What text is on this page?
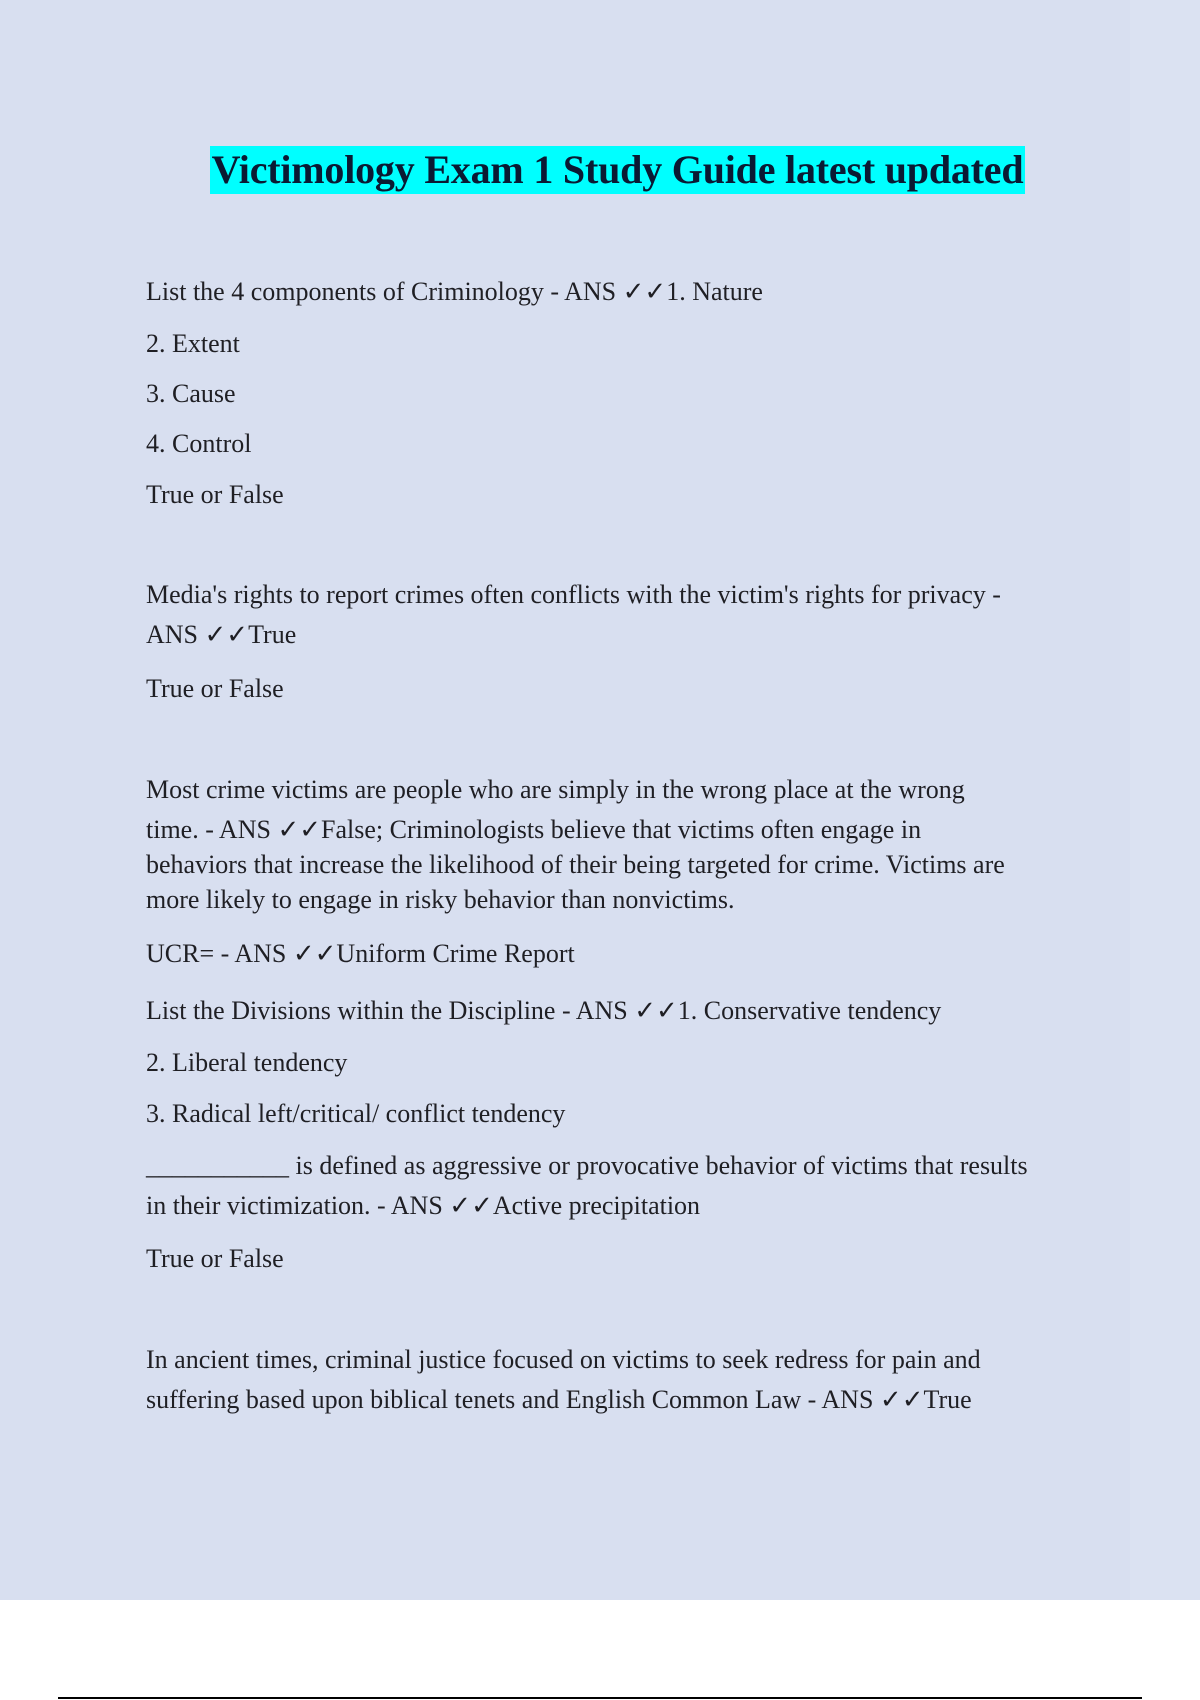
Victimology Exam 1 Study Guide latest updated
List the 4 components of Criminology - ANS ✓✓1. Nature
2. Extent
3. Cause
4. Control
True or False
Media's rights to report crimes often conflicts with the victim's rights for privacy -
ANS ✓✓True
True or False
Most crime victims are people who are simply in the wrong place at the wrong
time. - ANS ✓✓False; Criminologists believe that victims often engage in
behaviors that increase the likelihood of their being targeted for crime. Victims are
more likely to engage in risky behavior than nonvictims.
UCR= - ANS ✓✓Uniform Crime Report
List the Divisions within the Discipline - ANS ✓✓1. Conservative tendency
2. Liberal tendency
3. Radical left/critical/ conflict tendency
___________ is defined as aggressive or provocative behavior of victims that results
in their victimization. - ANS ✓✓Active precipitation
True or False
In ancient times, criminal justice focused on victims to seek redress for pain and
suffering based upon biblical tenets and English Common Law - ANS ✓✓True
